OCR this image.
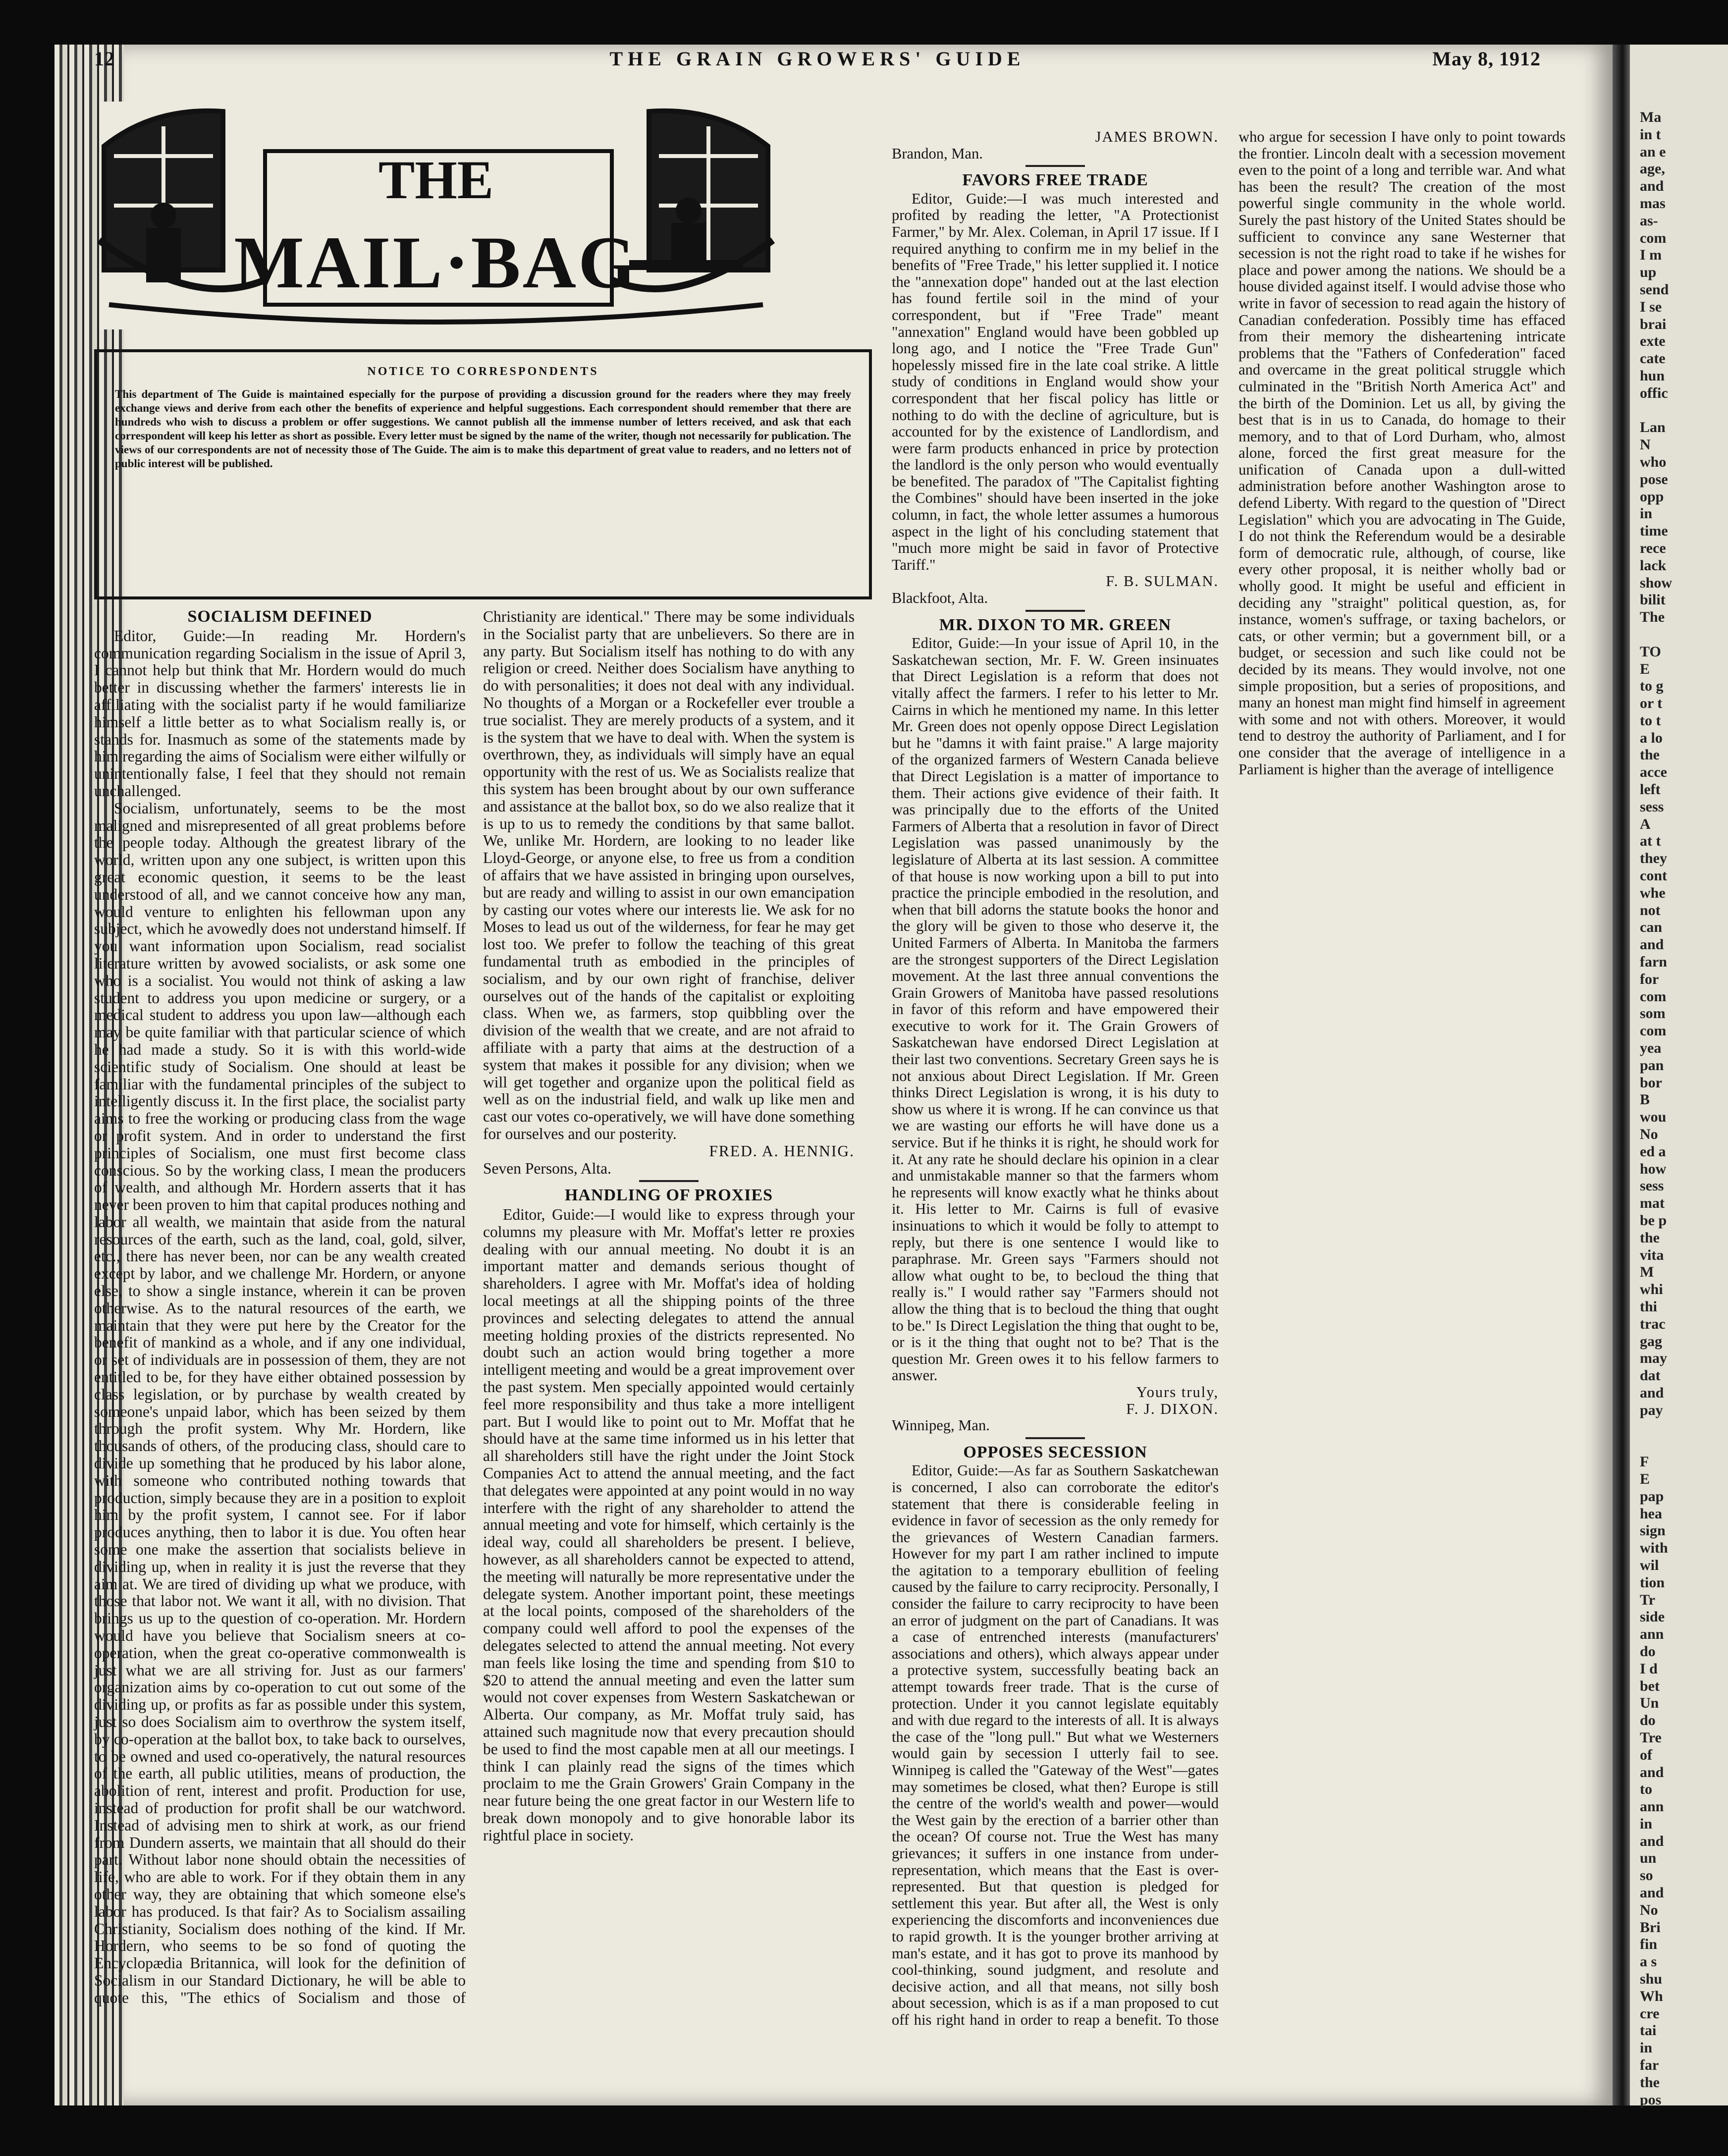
12	THE GRAIN GROWERS' GUIDE	May 8, 1912
THE
MAIL·BAG

NOTICE TO CORRESPONDENTS

This department of The Guide is maintained especially for the purpose of providing a discussion ground for the readers where they may freely exchange views and derive from each other the benefits of experience and helpful suggestions. Each correspondent should remember that there are hundreds who wish to discuss a problem or offer suggestions. We cannot publish all the immense number of letters received, and ask that each correspondent will keep his letter as short as possible. Every letter must be signed by the name of the writer, though not necessarily for publication. The views of our correspondents are not of necessity those of The Guide. The aim is to make this department of great value to readers, and no letters not of public interest will be published.

SOCIALISM DEFINED

Editor, Guide:—In reading Mr. Hordern's communication regarding Socialism in the issue of April 3, I cannot help but think that Mr. Hordern would do much better in discussing whether the farmers' interests lie in affiliating with the socialist party if he would familiarize himself a little better as to what Socialism really is, or stands for. Inasmuch as some of the statements made by him regarding the aims of Socialism were either wilfully or unintentionally false, I feel that they should not remain unchallenged.

Socialism, unfortunately, seems to be the most maligned and misrepresented of all great problems before the people today. Although the greatest library of the world, written upon any one subject, is written upon this great economic question, it seems to be the least understood of all, and we cannot conceive how any man, would venture to enlighten his fellowman upon any subject, which he avowedly does not understand himself. If you want information upon Socialism, read socialist literature written by avowed socialists, or ask some one who is a socialist. You would not think of asking a law student to address you upon medicine or surgery, or a medical student to address you upon law—although each may be quite familiar with that particular science of which he had made a study. So it is with this world-wide scientific study of Socialism. One should at least be familiar with the fundamental principles of the subject to intelligently discuss it. In the first place, the socialist party aims to free the working or producing class from the wage or profit system. And in order to understand the first principles of Socialism, one must first become class conscious. So by the working class, I mean the producers of wealth, and although Mr. Hordern asserts that it has never been proven to him that capital produces nothing and labor all wealth, we maintain that aside from the natural resources of the earth, such as the land, coal, gold, silver, etc., there has never been, nor can be any wealth created except by labor, and we challenge Mr. Hordern, or anyone else, to show a single instance, wherein it can be proven otherwise. As to the natural resources of the earth, we maintain that they were put here by the Creator for the benefit of mankind as a whole, and if any one individual, or set of individuals are in possession of them, they are not entitled to be, for they have either obtained possession by class legislation, or by purchase by wealth created by someone's unpaid labor, which has been seized by them through the profit system. Why Mr. Hordern, like thousands of others, of the producing class, should care to divide up something that he produced by his labor alone, with someone who contributed nothing towards that production, simply because they are in a position to exploit him by the profit system, I cannot see. For if labor produces anything, then to labor it is due. You often hear some one make the assertion that socialists believe in dividing up, when in reality it is just the reverse that they aim at. We are tired of dividing up what we produce, with those that labor not. We want it all, with no division. That brings us up to the question of co-operation. Mr. Hordern would have you believe that Socialism sneers at co-operation, when the great co-operative commonwealth is just what we are all striving for. Just as our farmers' organization aims by co-operation to cut out some of the dividing up, or profits as far as possible under this system, just so does Socialism aim to overthrow the system itself, by co-operation at the ballot box, to take back to ourselves, to be owned and used co-operatively, the natural resources of the earth, all public utilities, means of production, the abolition of rent, interest and profit. Production for use, instead of production for profit shall be our watchword. Instead of advising men to shirk at work, as our friend from Dundern asserts, we maintain that all should do their part. Without labor none should obtain the necessities of life, who are able to work. For if they obtain them in any other way, they are obtaining that which someone else's labor has produced. Is that fair? As to Socialism assailing Christianity, Socialism does nothing of the kind. If Mr. Hordern, who seems to be so fond of quoting the Encyclopædia Britannica, will look for the definition of Socialism in our Standard Dictionary, he will be able to quote this, "The ethics of Socialism and those of Christianity are identical." There may be some individuals in the Socialist party that are unbelievers. So there are in any party. But Socialism itself has nothing to do with any religion or creed. Neither does Socialism have anything to do with personalities; it does not deal with any individual. No thoughts of a Morgan or a Rockefeller ever trouble a true socialist. They are merely products of a system, and it is the system that we have to deal with. When the system is overthrown, they, as individuals will simply have an equal opportunity with the rest of us. We as Socialists realize that this system has been brought about by our own sufferance and assistance at the ballot box, so do we also realize that it is up to us to remedy the conditions by that same ballot. We, unlike Mr. Hordern, are looking to no leader like Lloyd-George, or anyone else, to free us from a condition of affairs that we have assisted in bringing upon ourselves, but are ready and willing to assist in our own emancipation by casting our votes where our interests lie. We ask for no Moses to lead us out of the wilderness, for fear he may get lost too. We prefer to follow the teaching of this great fundamental truth as embodied in the principles of socialism, and by our own right of franchise, deliver ourselves out of the hands of the capitalist or exploiting class. When we, as farmers, stop quibbling over the division of the wealth that we create, and are not afraid to affiliate with a party that aims at the destruction of a system that makes it possible for any division; when we will get together and organize upon the political field as well as on the industrial field, and walk up like men and cast our votes co-operatively, we will have done something for ourselves and our posterity.

FRED. A. HENNIG.

Seven Persons, Alta.

HANDLING OF PROXIES

Editor, Guide:—I would like to express through your columns my pleasure with Mr. Moffat's letter re proxies dealing with our annual meeting. No doubt it is an important matter and demands serious thought of shareholders. I agree with Mr. Moffat's idea of holding local meetings at all the shipping points of the three provinces and selecting delegates to attend the annual meeting holding proxies of the districts represented. No doubt such an action would bring together a more intelligent meeting and would be a great improvement over the past system. Men specially appointed would certainly feel more responsibility and thus take a more intelligent part. But I would like to point out to Mr. Moffat that he should have at the same time informed us in his letter that all shareholders still have the right under the Joint Stock Companies Act to attend the annual meeting, and the fact that delegates were appointed at any point would in no way interfere with the right of any shareholder to attend the annual meeting and vote for himself, which certainly is the ideal way, could all shareholders be present. I believe, however, as all shareholders cannot be expected to attend, the meeting will naturally be more representative under the delegate system. Another important point, these meetings at the local points, composed of the shareholders of the company could well afford to pool the expenses of the delegates selected to attend the annual meeting. Not every man feels like losing the time and spending from $10 to $20 to attend the annual meeting and even the latter sum would not cover expenses from Western Saskatchewan or Alberta. Our company, as Mr. Moffat truly said, has attained such magnitude now that every precaution should be used to find the most capable men at all our meetings. I think I can plainly read the signs of the times which proclaim to me the Grain Growers' Grain Company in the near future being the one great factor in our Western life to break down monopoly and to give honorable labor its rightful place in society.

JAMES BROWN.

Brandon, Man.

FAVORS FREE TRADE

Editor, Guide:—I was much interested and profited by reading the letter, "A Protectionist Farmer," by Mr. Alex. Coleman, in April 17 issue. If I required anything to confirm me in my belief in the benefits of "Free Trade," his letter supplied it. I notice the "annexation dope" handed out at the last election has found fertile soil in the mind of your correspondent, but if "Free Trade" meant "annexation" England would have been gobbled up long ago, and I notice the "Free Trade Gun" hopelessly missed fire in the late coal strike. A little study of conditions in England would show your correspondent that her fiscal policy has little or nothing to do with the decline of agriculture, but is accounted for by the existence of Landlordism, and were farm products enhanced in price by protection the landlord is the only person who would eventually be benefited. The paradox of "The Capitalist fighting the Combines" should have been inserted in the joke column, in fact, the whole letter assumes a humorous aspect in the light of his concluding statement that "much more might be said in favor of Protective Tariff."

F. B. SULMAN.

Blackfoot, Alta.

MR. DIXON TO MR. GREEN

Editor, Guide:—In your issue of April 10, in the Saskatchewan section, Mr. F. W. Green insinuates that Direct Legislation is a reform that does not vitally affect the farmers. I refer to his letter to Mr. Cairns in which he mentioned my name. In this letter Mr. Green does not openly oppose Direct Legislation but he "damns it with faint praise." A large majority of the organized farmers of Western Canada believe that Direct Legislation is a matter of importance to them. Their actions give evidence of their faith. It was principally due to the efforts of the United Farmers of Alberta that a resolution in favor of Direct Legislation was passed unanimously by the legislature of Alberta at its last session. A committee of that house is now working upon a bill to put into practice the principle embodied in the resolution, and when that bill adorns the statute books the honor and the glory will be given to those who deserve it, the United Farmers of Alberta. In Manitoba the farmers are the strongest supporters of the Direct Legislation movement. At the last three annual conventions the Grain Growers of Manitoba have passed resolutions in favor of this reform and have empowered their executive to work for it. The Grain Growers of Saskatchewan have endorsed Direct Legislation at their last two conventions. Secretary Green says he is not anxious about Direct Legislation. If Mr. Green thinks Direct Legislation is wrong, it is his duty to show us where it is wrong. If he can convince us that we are wasting our efforts he will have done us a service. But if he thinks it is right, he should work for it. At any rate he should declare his opinion in a clear and unmistakable manner so that the farmers whom he represents will know exactly what he thinks about it. His letter to Mr. Cairns is full of evasive insinuations to which it would be folly to attempt to reply, but there is one sentence I would like to paraphrase. Mr. Green says "Farmers should not allow what ought to be, to becloud the thing that really is." I would rather say "Farmers should not allow the thing that is to becloud the thing that ought to be." Is Direct Legislation the thing that ought to be, or is it the thing that ought not to be? That is the question Mr. Green owes it to his fellow farmers to answer.

Yours truly,

F. J. DIXON.

Winnipeg, Man.

OPPOSES SECESSION

Editor, Guide:—As far as Southern Saskatchewan is concerned, I also can corroborate the editor's statement that there is considerable feeling in evidence in favor of secession as the only remedy for the grievances of Western Canadian farmers. However for my part I am rather inclined to impute the agitation to a temporary ebullition of feeling caused by the failure to carry reciprocity. Personally, I consider the failure to carry reciprocity to have been an error of judgment on the part of Canadians. It was a case of entrenched interests (manufacturers' associations and others), which always appear under a protective system, successfully beating back an attempt towards freer trade. That is the curse of protection. Under it you cannot legislate equitably and with due regard to the interests of all. It is always the case of the "long pull." But what we Westerners would gain by secession I utterly fail to see. Winnipeg is called the "Gateway of the West"—gates may sometimes be closed, what then? Europe is still the centre of the world's wealth and power—would the West gain by the erection of a barrier other than the ocean? Of course not. True the West has many grievances; it suffers in one instance from under-representation, which means that the East is over-represented. But that question is pledged for settlement this year. But after all, the West is only experiencing the discomforts and inconveniences due to rapid growth. It is the younger brother arriving at man's estate, and it has got to prove its manhood by cool-thinking, sound judgment, and resolute and decisive action, and all that means, not silly bosh about secession, which is as if a man proposed to cut off his right hand in order to reap a benefit. To those who argue for secession I have only to point towards the frontier. Lincoln dealt with a secession movement even to the point of a long and terrible war. And what has been the result? The creation of the most powerful single community in the whole world. Surely the past history of the United States should be sufficient to convince any sane Westerner that secession is not the right road to take if he wishes for place and power among the nations. We should be a house divided against itself. I would advise those who write in favor of secession to read again the history of Canadian confederation. Possibly time has effaced from their memory the disheartening intricate problems that the "Fathers of Confederation" faced and overcame in the great political struggle which culminated in the "British North America Act" and the birth of the Dominion. Let us all, by giving the best that is in us to Canada, do homage to their memory, and to that of Lord Durham, who, almost alone, forced the first great measure for the unification of Canada upon a dull-witted administration before another Washington arose to defend Liberty. With regard to the question of "Direct Legislation" which you are advocating in The Guide, I do not think the Referendum would be a desirable form of democratic rule, although, of course, like every other proposal, it is neither wholly bad or wholly good. It might be useful and efficient in deciding any "straight" political question, as, for instance, women's suffrage, or taxing bachelors, or cats, or other vermin; but a government bill, or a budget, or secession and such like could not be decided by its means. They would involve, not one simple proposition, but a series of propositions, and many an honest man might find himself in agreement with some and not with others. Moreover, it would tend to destroy the authority of Parliament, and I for one consider that the average of intelligence in a Parliament is higher than the average of intelligence

Ma
in t
an e
age,
and
mas
as-
com
I m
up
send
I se
brai
exte
cate
hun
offic
Lan
N
who
pose
opp
in
time
rece
lack
show
bilit
The
TO
E
to g
or t
to t
a lo
the
acce
left
sess
A
at t
they
cont
whe
not
can
and
farn
for
com
som
com
yea
pan
bor
B
wou
No
ed a
how
sess
mat
be p
the
vita
M
whi
thi
trac
gag
may
dat
and
pay
F
E
pap
hea
sign
with
wil
tion
Tr
side
ann
do
I d
bet
Un
do
Tre
of
and
to
ann
in
and
un
so
and
No
Bri
fin
a s
shu
Wh
cre
tai
in
far
the
pos
